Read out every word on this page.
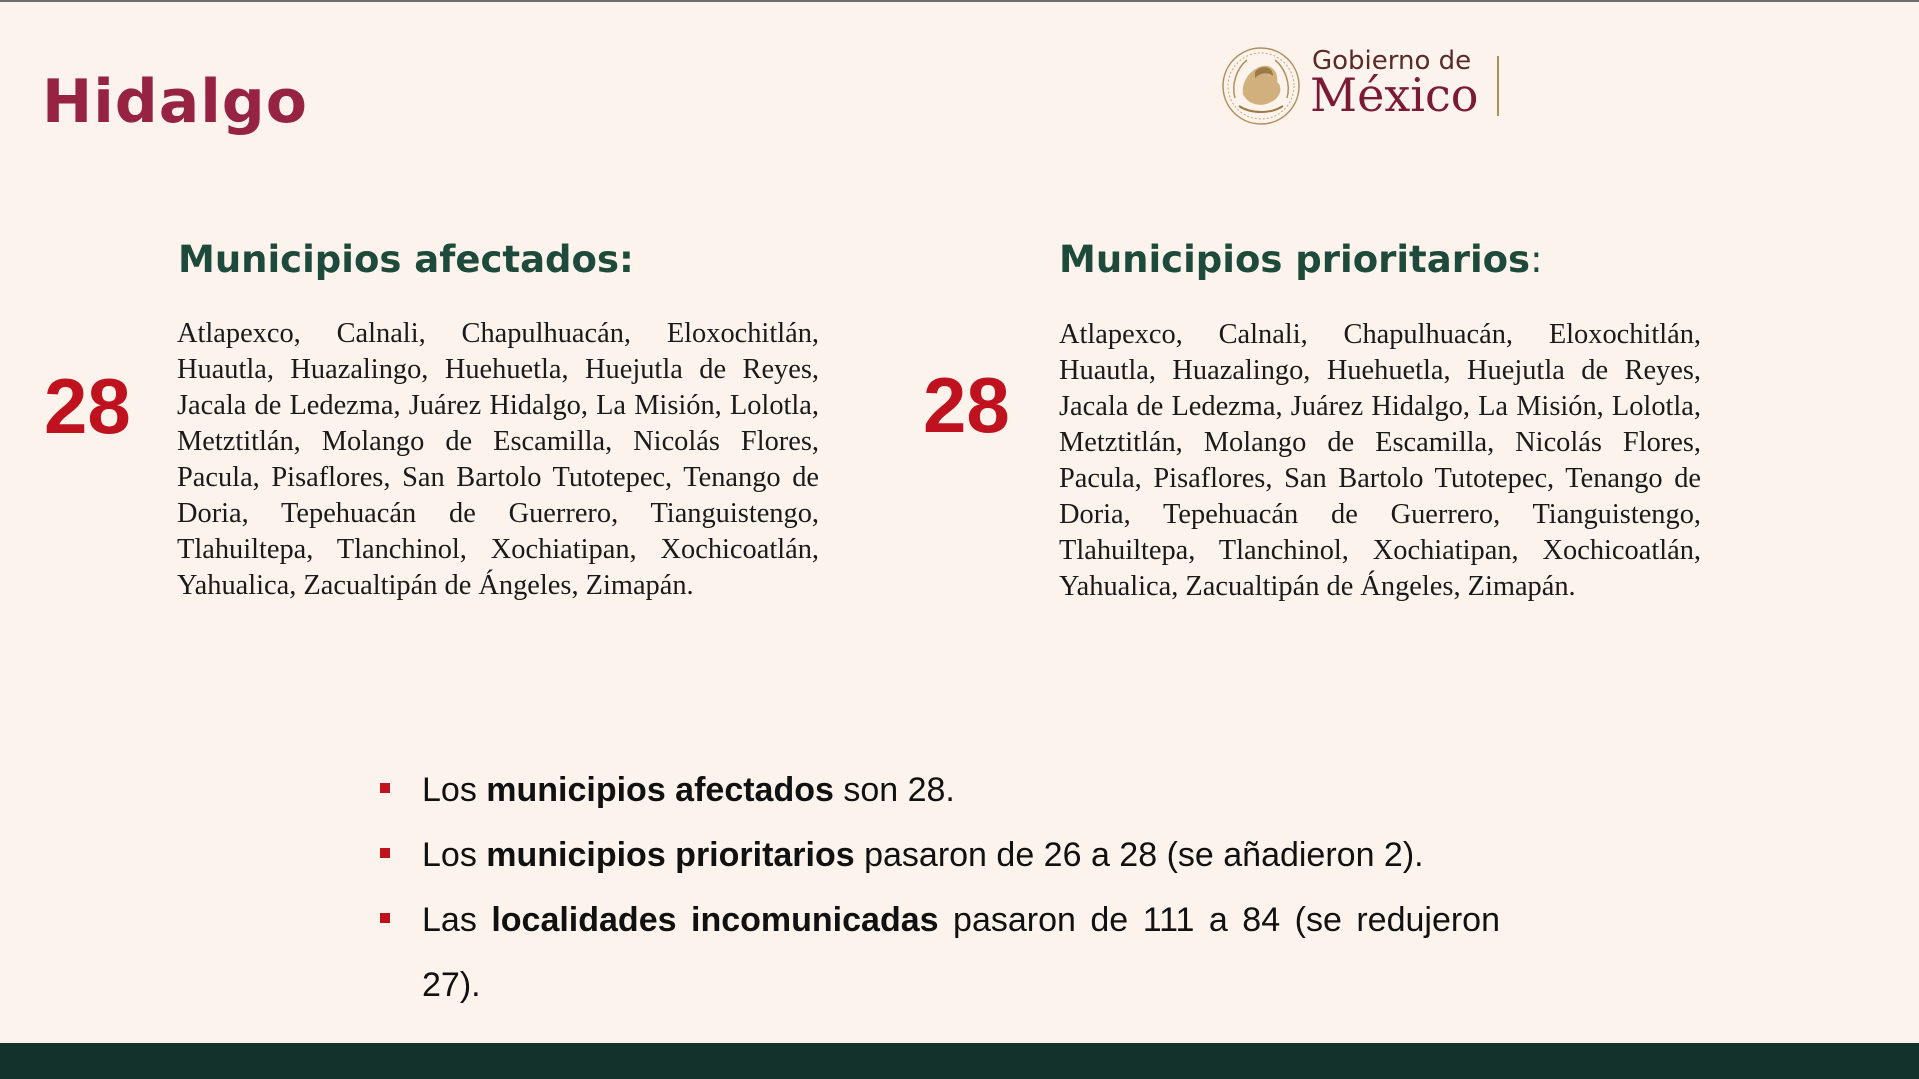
Hidalgo
Gobierno de
México
Municipios afectados:
28

Atlapexco, Calnali, Chapulhuacán, Eloxochitlán, Huautla, Huazalingo, Huehuetla, Huejutla de Reyes, Jacala de Ledezma, Juárez Hidalgo, La Misión, Lolotla, Metztitlán, Molango de Escamilla, Nicolás Flores, Pacula, Pisaflores, San Bartolo Tutotepec, Tenango de Doria, Tepehuacán de Guerrero, Tianguistengo, Tlahuiltepa, Tlanchinol, Xochiatipan, Xochicoatlán, Yahualica, Zacualtipán de Ángeles, Zimapán.

Municipios prioritarios:
28

Atlapexco, Calnali, Chapulhuacán, Eloxochitlán, Huautla, Huazalingo, Huehuetla, Huejutla de Reyes, Jacala de Ledezma, Juárez Hidalgo, La Misión, Lolotla, Metztitlán, Molango de Escamilla, Nicolás Flores, Pacula, Pisaflores, San Bartolo Tutotepec, Tenango de Doria, Tepehuacán de Guerrero, Tianguistengo, Tlahuiltepa, Tlanchinol, Xochiatipan, Xochicoatlán, Yahualica, Zacualtipán de Ángeles, Zimapán.

Los municipios afectados son 28.
Los municipios prioritarios pasaron de 26 a 28 (se añadieron 2).
Las localidades incomunicadas pasaron de 111 a 84 (se redujeron 27).
